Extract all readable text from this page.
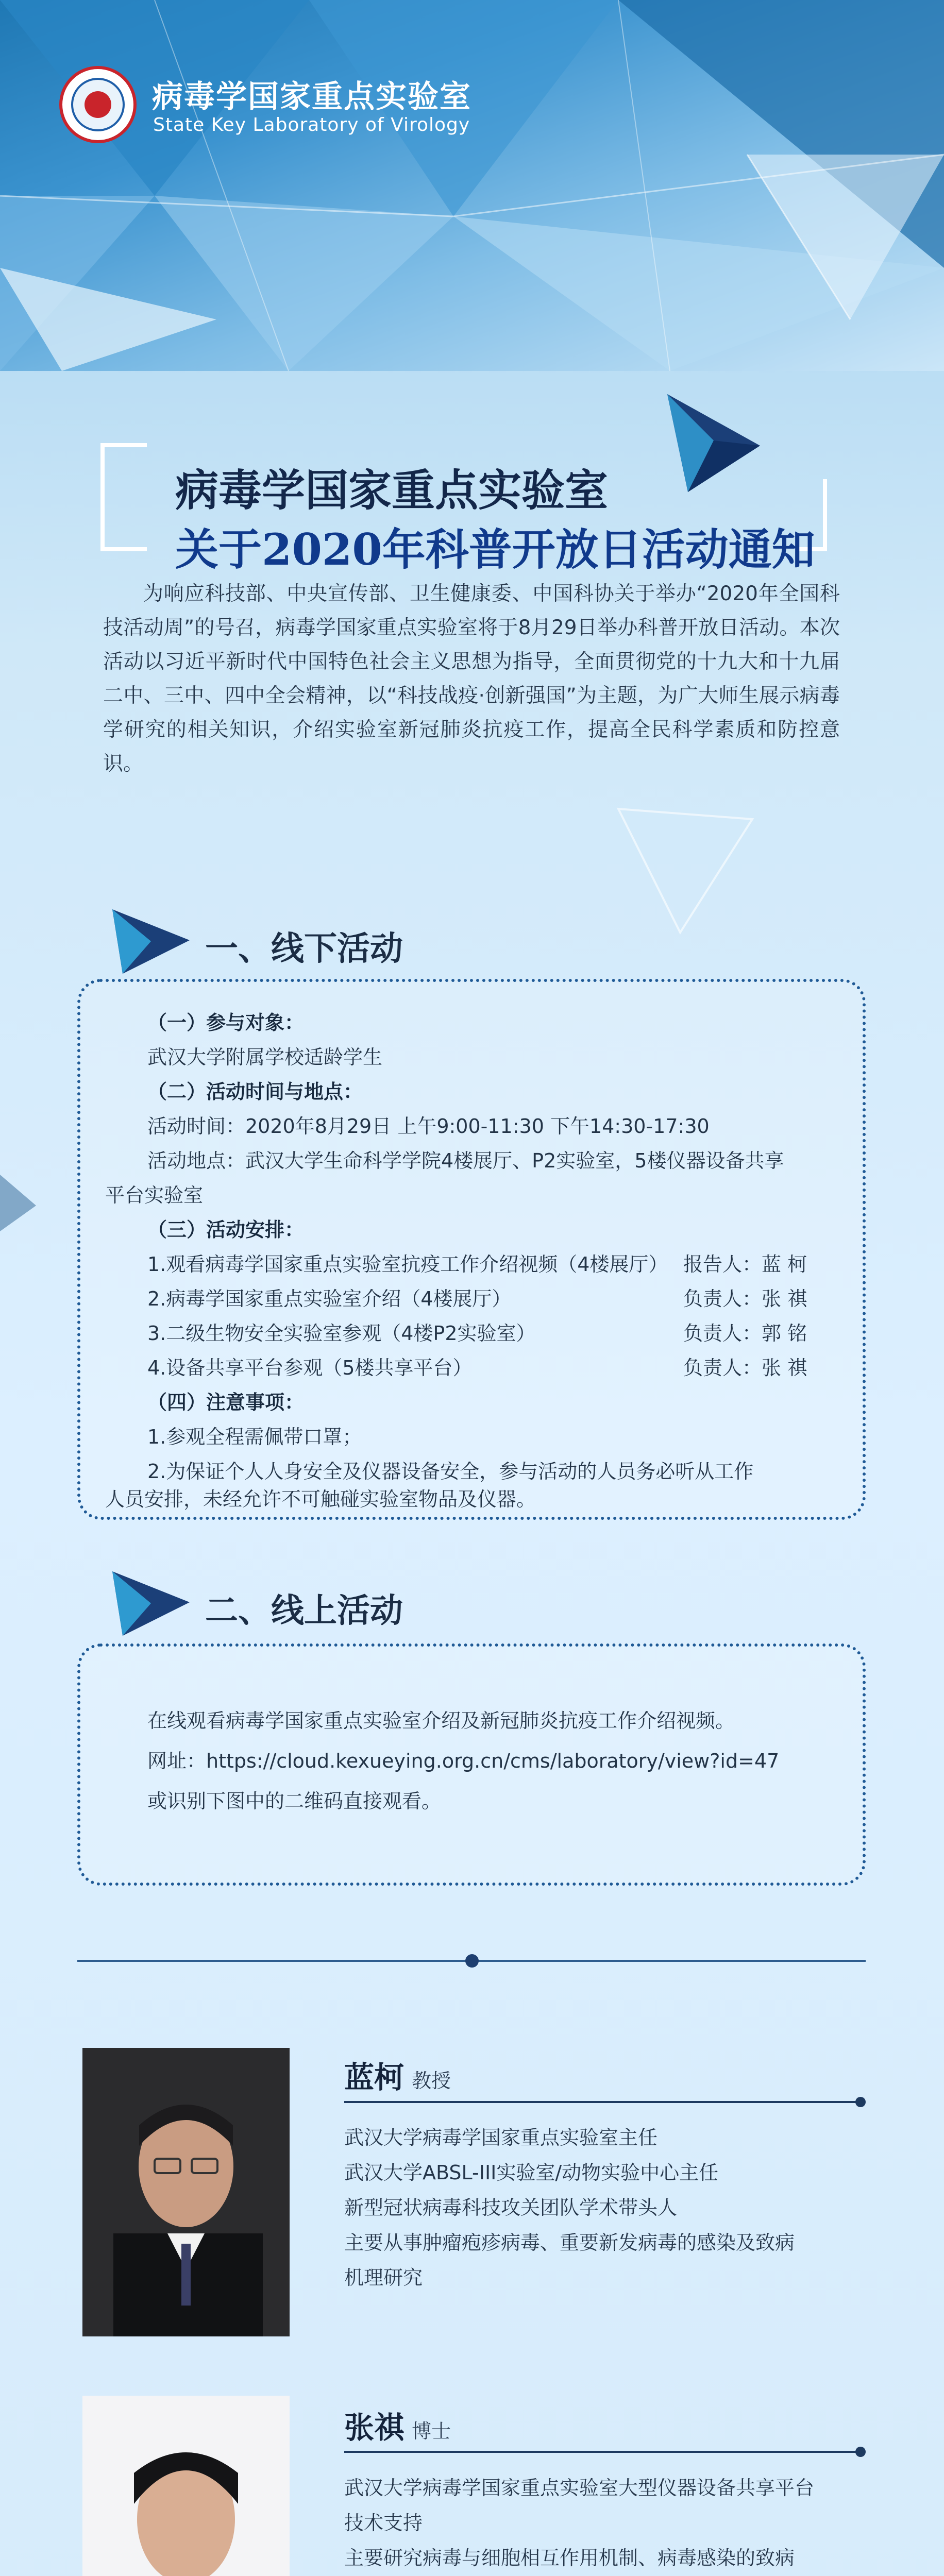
病毒学国家重点实验室
State Key Laboratory of Virology
病毒学国家重点实验室
关于2020年科普开放日活动通知
为响应科技部、中央宣传部、卫生健康委、中国科协关于举办“2020年全国科技活动周”的号召，病毒学国家重点实验室将于8月29日举办科普开放日活动。本次活动以习近平新时代中国特色社会主义思想为指导，全面贯彻党的十九大和十九届二中、三中、四中全会精神，以“科技战疫·创新强国”为主题，为广大师生展示病毒学研究的相关知识，介绍实验室新冠肺炎抗疫工作，提高全民科学素质和防控意识。
一、线下活动
（一）参与对象：
武汉大学附属学校适龄学生
（二）活动时间与地点：
活动时间：2020年8月29日 上午9:00-11:30 下午14:30-17:30
活动地点：武汉大学生命科学学院4楼展厅、P2实验室，5楼仪器设备共享
平台实验室
（三）活动安排：
1.观看病毒学国家重点实验室抗疫工作介绍视频（4楼展厅） 报告人：蓝 柯
2.病毒学国家重点实验室介绍（4楼展厅）	负责人：张 祺
3.二级生物安全实验室参观（4楼P2实验室）	负责人：郭 铭
4.设备共享平台参观（5楼共享平台）	负责人：张 祺
（四）注意事项：
1.参观全程需佩带口罩；
2.为保证个人人身安全及仪器设备安全，参与活动的人员务必听从工作
人员安排，未经允许不可触碰实验室物品及仪器。
二、线上活动
在线观看病毒学国家重点实验室介绍及新冠肺炎抗疫工作介绍视频。
网址：https://cloud.kexueying.org.cn/cms/laboratory/view?id=47
或识别下图中的二维码直接观看。
蓝柯 教授
武汉大学病毒学国家重点实验室主任
武汉大学ABSL-III实验室/动物实验中心主任
新型冠状病毒科技攻关团队学术带头人
主要从事肿瘤疱疹病毒、重要新发病毒的感染及致病
机理研究
张祺 博士
武汉大学病毒学国家重点实验室大型仪器设备共享平台
技术支持
主要研究病毒与细胞相互作用机制、病毒感染的致病
